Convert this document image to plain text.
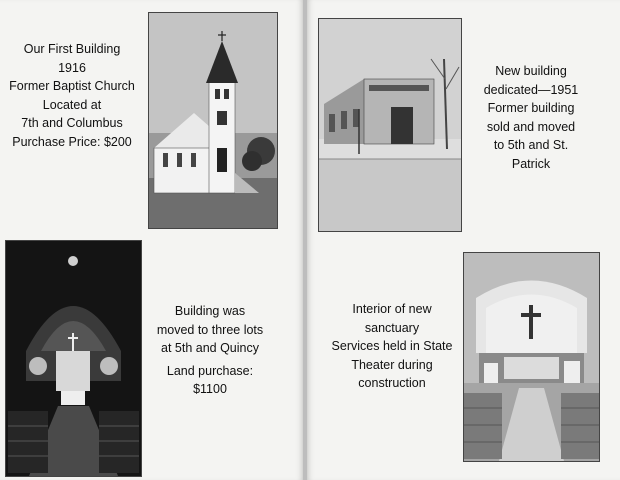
Our First Building
1916
Former Baptist Church
Located at
7th and Columbus
Purchase Price: $200
Building was
moved to three lots
at 5th and Quincy
Land purchase:
$1100
New building
dedicated—1951
Former building
sold and moved
to 5th and St.
Patrick
Interior of new
sanctuary
Services held in State
Theater during
construction
